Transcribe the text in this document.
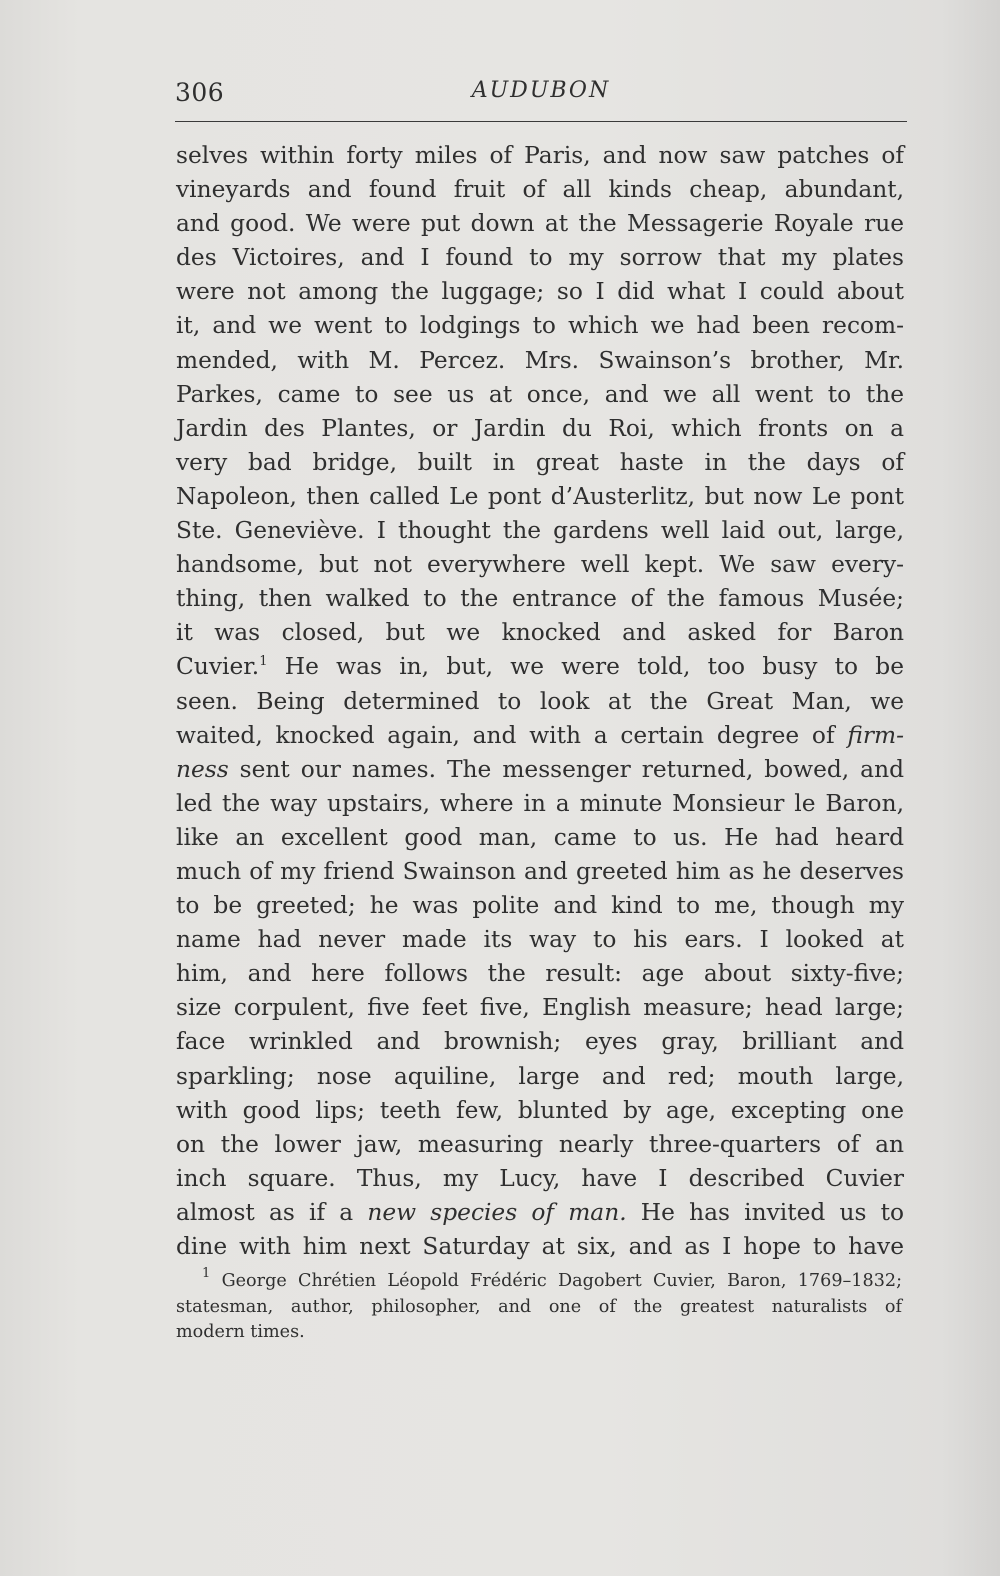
306	AUDUBON
selves within forty miles of Paris, and now saw patches of
vineyards and found fruit of all kinds cheap, abundant,
and good. We were put down at the Messagerie Royale rue
des Victoires, and I found to my sorrow that my plates
were not among the luggage; so I did what I could about
it, and we went to lodgings to which we had been recom-
mended, with M. Percez. Mrs. Swainson’s brother, Mr.
Parkes, came to see us at once, and we all went to the
Jardin des Plantes, or Jardin du Roi, which fronts on a
very bad bridge, built in great haste in the days of
Napoleon, then called Le pont d’Austerlitz, but now Le pont
Ste. Geneviève. I thought the gardens well laid out, large,
handsome, but not everywhere well kept. We saw every-
thing, then walked to the entrance of the famous Musée;
it was closed, but we knocked and asked for Baron
Cuvier.$^1$ He was in, but, we were told, too busy to be
seen. Being determined to look at the Great Man, we
waited, knocked again, and with a certain degree of firm-
ness sent our names. The messenger returned, bowed, and
led the way upstairs, where in a minute Monsieur le Baron,
like an excellent good man, came to us. He had heard
much of my friend Swainson and greeted him as he deserves
to be greeted; he was polite and kind to me, though my
name had never made its way to his ears. I looked at
him, and here follows the result: age about sixty-five;
size corpulent, five feet five, English measure; head large;
face wrinkled and brownish; eyes gray, brilliant and
sparkling; nose aquiline, large and red; mouth large,
with good lips; teeth few, blunted by age, excepting one
on the lower jaw, measuring nearly three-quarters of an
inch square. Thus, my Lucy, have I described Cuvier
almost as if a new species of man. He has invited us to
dine with him next Saturday at six, and as I hope to have
$^1$ George Chrétien Léopold Frédéric Dagobert Cuvier, Baron, 1769–1832;
statesman, author, philosopher, and one of the greatest naturalists of
modern times.
